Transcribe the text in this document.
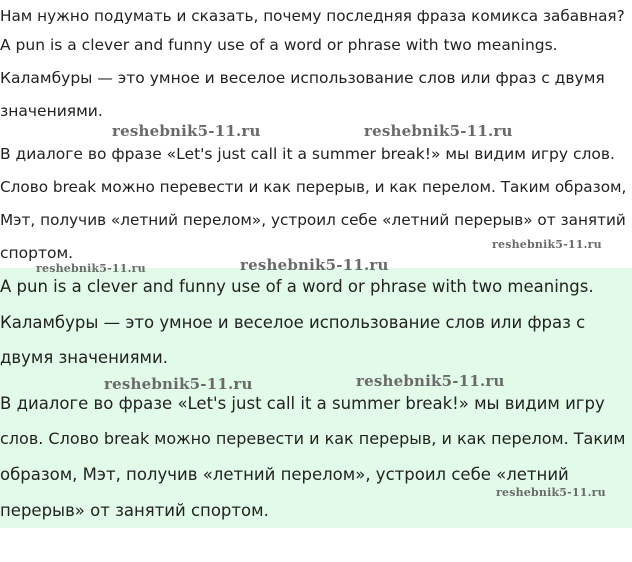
Нам нужно подумать и сказать, почему последняя фраза комикса забавная?

A pun is a clever and funny use of a word or phrase with two meanings.

Каламбуры — это умное и веселое использование слов или фраз с двумя

значениями.

В диалоге во фразе «Let's just call it a summer break!» мы видим игру слов.

Слово break можно перевести и как перерыв, и как перелом. Таким образом,

Мэт, получив «летний перелом», устроил себе «летний перерыв» от занятий

спортом.

A pun is a clever and funny use of a word or phrase with two meanings.

Каламбуры — это умное и веселое использование слов или фраз с

двумя значениями.

В диалоге во фразе «Let's just call it a summer break!» мы видим игру

слов. Слово break можно перевести и как перерыв, и как перелом. Таким

образом, Мэт, получив «летний перелом», устроил себе «летний

перерыв» от занятий спортом.

reshebnik5-11.ru	reshebnik5-11.ru
reshebnik5-11.ru
reshebnik5-11.ru	reshebnik5-11.ru
reshebnik5-11.ru	reshebnik5-11.ru
reshebnik5-11.ru
